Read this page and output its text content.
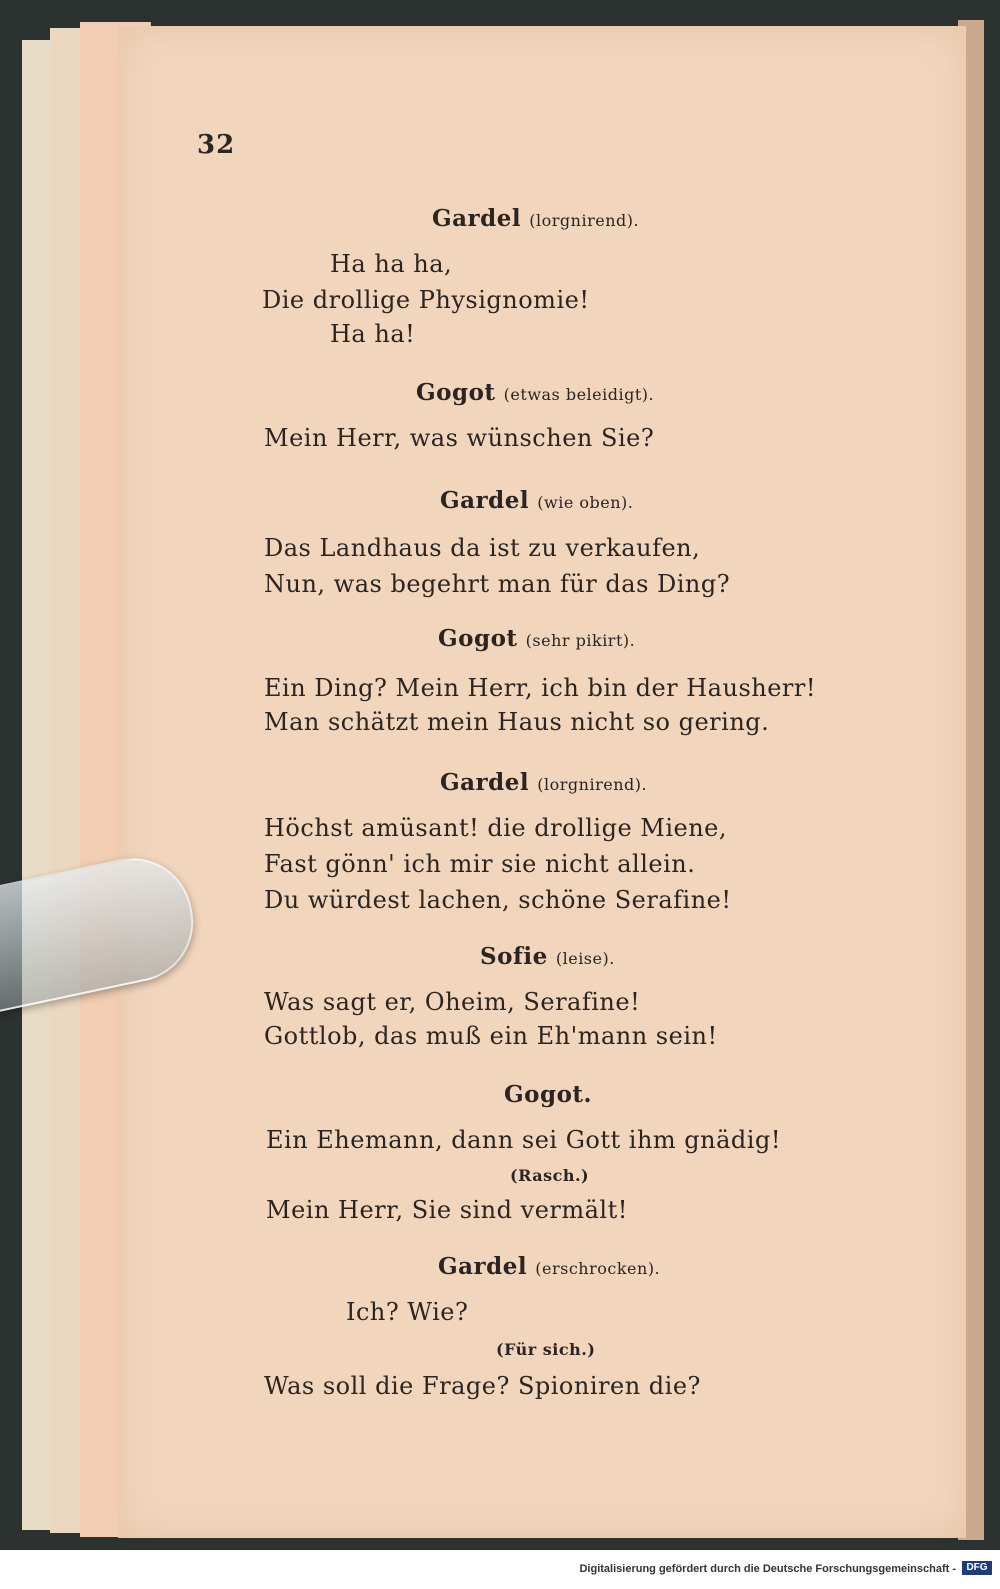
32
Gardel (lorgnirend).
Ha ha ha,
Die drollige Physignomie!
Ha ha!
Gogot (etwas beleidigt).
Mein Herr, was wünschen Sie?
Gardel (wie oben).
Das Landhaus da ist zu verkaufen,
Nun, was begehrt man für das Ding?
Gogot (sehr pikirt).
Ein Ding? Mein Herr, ich bin der Hausherr!
Man schätzt mein Haus nicht so gering.
Gardel (lorgnirend).
Höchst amüsant! die drollige Miene,
Fast gönn' ich mir sie nicht allein.
Du würdest lachen, schöne Serafine!
Sofie (leise).
Was sagt er, Oheim, Serafine!
Gottlob, das muß ein Eh'mann sein!
Gogot.
Ein Ehemann, dann sei Gott ihm gnädig!
(Rasch.)
Mein Herr, Sie sind vermält!
Gardel (erschrocken).
Ich? Wie?
(Für sich.)
Was soll die Frage? Spioniren die?
Digitalisierung gefördert durch die Deutsche Forschungsgemeinschaft -	DFG
